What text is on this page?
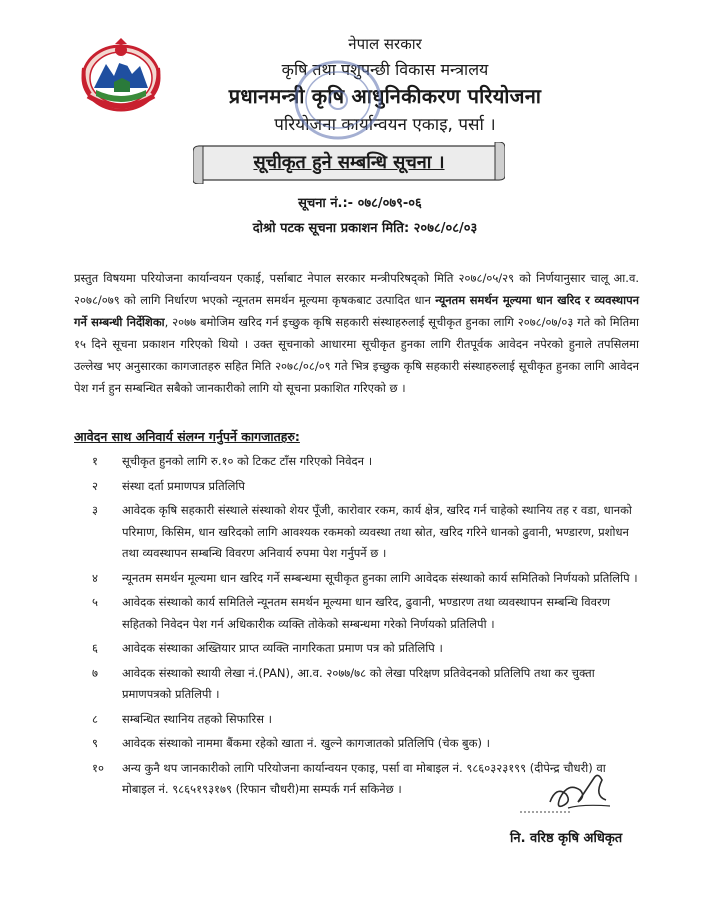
नेपाल सरकार
कृषि तथा पशुपन्छी विकास मन्त्रालय
प्रधानमन्त्री कृषि आधुनिकीकरण परियोजना
परियोजना कार्यान्वयन एकाइ, पर्सा ।
सूचीकृत हुने सम्बन्धि सूचना ।
सूचना नं.:- ०७८/०७९-०६
दोश्रो पटक सूचना प्रकाशन मिति: २०७८/०८/०३
प्रस्तुत विषयमा परियोजना कार्यान्वयन एकाई, पर्साबाट नेपाल सरकार मन्त्रीपरिषद्‌को मिति २०७८/०५/२९ को निर्णयानुसार चालू आ.व. २०७८/०७९ को लागि निर्धारण भएको न्यूनतम समर्थन मूल्यमा कृषकबाट उत्पादित धान न्यूनतम समर्थन मूल्यमा धान खरिद र व्यवस्थापन गर्ने सम्बन्धी निर्देशिका, २०७७ बमोजिम खरिद गर्न इच्छुक कृषि सहकारी संस्थाहरुलाई सूचीकृत हुनका लागि २०७८/०७/०३ गते को मितिमा १५ दिने सूचना प्रकाशन गरिएको थियो । उक्त सूचनाको आधारमा सूचीकृत हुनका लागि रीतपूर्वक आवेदन नपेरको हुनाले तपसिलमा उल्लेख भए अनुसारका कागजातहरु सहित मिति २०७८/०८/०९ गते भित्र इच्छुक कृषि सहकारी संस्थाहरुलाई सूचीकृत हुनका लागि आवेदन पेश गर्न हुन सम्बन्धित सबैको जानकारीको लागि यो सूचना प्रकाशित गरिएको छ ।
आवेदन साथ अनिवार्य संलग्न गर्नुपर्ने कागजातहरु:
१	सूचीकृत हुनको लागि रु.१० को टिकट टाँस गरिएको निवेदन ।
२	संस्था दर्ता प्रमाणपत्र प्रतिलिपि
३	आवेदक कृषि सहकारी संस्थाले संस्थाको शेयर पूँजी, कारोवार रकम, कार्य क्षेत्र, खरिद गर्न चाहेको स्थानिय तह र वडा, धानको परिमाण, किसिम, धान खरिदको लागि आवश्यक रकमको व्यवस्था तथा स्रोत, खरिद गरिने धानको ढुवानी, भण्डारण, प्रशोधन तथा व्यवस्थापन सम्बन्धि विवरण अनिवार्य रुपमा पेश गर्नुपर्ने छ ।
४	न्यूनतम समर्थन मूल्यमा धान खरिद गर्ने सम्बन्धमा सूचीकृत हुनका लागि आवेदक संस्थाको कार्य समितिको निर्णयको प्रतिलिपि ।
५	आवेदक संस्थाको कार्य समितिले न्यूनतम समर्थन मूल्यमा धान खरिद, ढुवानी, भण्डारण तथा व्यवस्थापन सम्बन्धि विवरण सहितको निवेदन पेश गर्न अधिकारीक व्यक्ति तोकेको सम्बन्धमा गरेको निर्णयको प्रतिलिपी ।
६	आवेदक संस्थाका अख्तियार प्राप्त व्यक्ति नागरिकता प्रमाण पत्र को प्रतिलिपि ।
७	आवेदक संस्थाको स्थायी लेखा नं.(PAN), आ.व. २०७७/७८ को लेखा परिक्षण प्रतिवेदनको प्रतिलिपि तथा कर चुक्ता प्रमाणपत्रको प्रतिलिपी ।
८	सम्बन्धित स्थानिय तहको सिफारिस ।
९	आवेदक संस्थाको नाममा बैंकमा रहेको खाता नं. खुल्ने कागजातको प्रतिलिपि (चेक बुक) ।
१०	अन्य कुनै थप जानकारीको लागि परियोजना कार्यान्वयन एकाइ, पर्सा वा मोबाइल नं. ९८६०३२३१९९ (दीपेन्द्र चौधरी) वा मोबाइल नं. ९८६५१९३१७९ (रिफान चौधरी)मा सम्पर्क गर्न सकिनेछ ।
नि. वरिष्ठ कृषि अधिकृत
